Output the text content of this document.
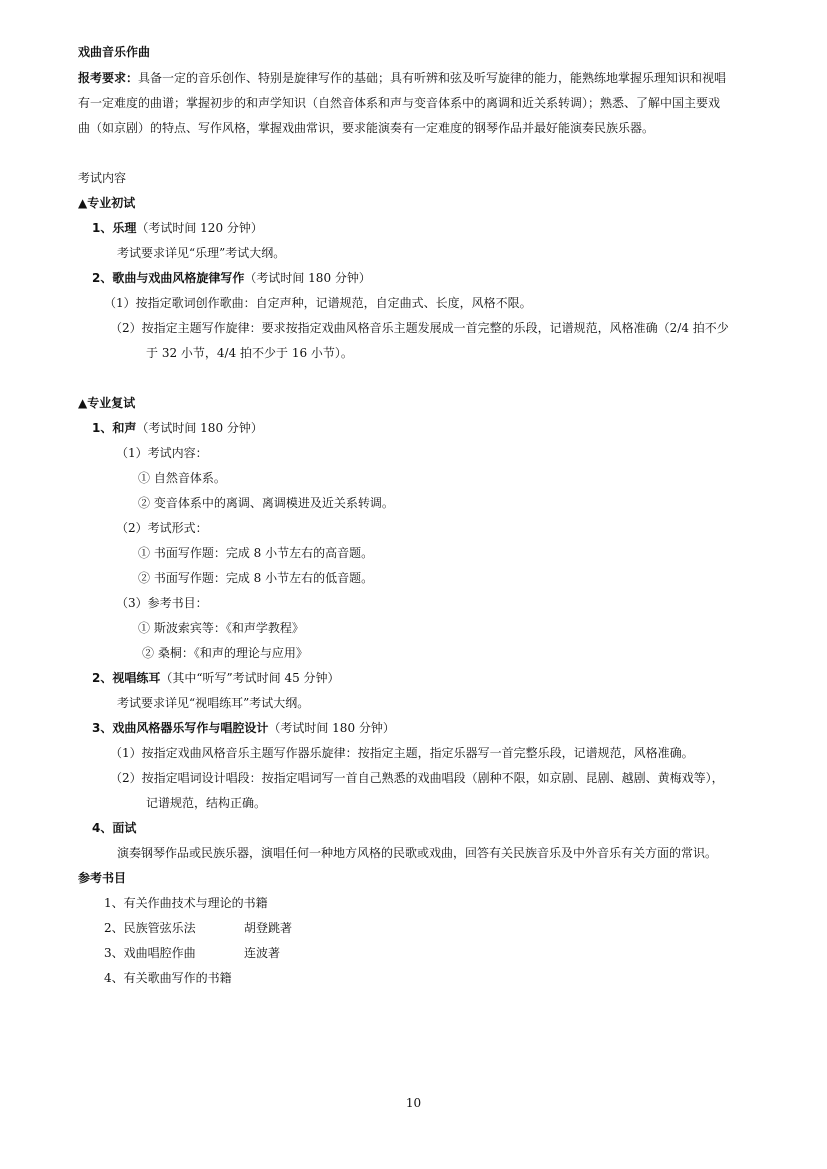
戏曲音乐作曲
报考要求：具备一定的音乐创作、特别是旋律写作的基础；具有听辨和弦及听写旋律的能力，能熟练地掌握乐理知识和视唱
有一定难度的曲谱；掌握初步的和声学知识（自然音体系和声与变音体系中的离调和近关系转调）；熟悉、了解中国主要戏
曲（如京剧）的特点、写作风格，掌握戏曲常识，要求能演奏有一定难度的钢琴作品并最好能演奏民族乐器。
考试内容
▲专业初试
1、乐理（考试时间 120 分钟）
考试要求详见“乐理”考试大纲。
2、歌曲与戏曲风格旋律写作（考试时间 180 分钟）
（1）按指定歌词创作歌曲：自定声种，记谱规范，自定曲式、长度，风格不限。
（2）按指定主题写作旋律：要求按指定戏曲风格音乐主题发展成一首完整的乐段，记谱规范，风格准确（2/4 拍不少
于 32 小节，4/4 拍不少于 16 小节）。
▲专业复试
1、和声（考试时间 180 分钟）
（1）考试内容：
① 自然音体系。
② 变音体系中的离调、离调模进及近关系转调。
（2）考试形式：
① 书面写作题：完成 8 小节左右的高音题。
② 书面写作题：完成 8 小节左右的低音题。
（3）参考书目：
① 斯波索宾等：《和声学教程》
② 桑桐：《和声的理论与应用》
2、视唱练耳（其中“听写”考试时间 45 分钟）
考试要求详见“视唱练耳”考试大纲。
3、戏曲风格器乐写作与唱腔设计（考试时间 180 分钟）
（1）按指定戏曲风格音乐主题写作器乐旋律：按指定主题，指定乐器写一首完整乐段，记谱规范，风格准确。
（2）按指定唱词设计唱段：按指定唱词写一首自己熟悉的戏曲唱段（剧种不限，如京剧、昆剧、越剧、黄梅戏等），
记谱规范，结构正确。
4、面试
演奏钢琴作品或民族乐器，演唱任何一种地方风格的民歌或戏曲，回答有关民族音乐及中外音乐有关方面的常识。
参考书目
1、有关作曲技术与理论的书籍
2、民族管弦乐法	胡登跳著
3、戏曲唱腔作曲	连波著
4、有关歌曲写作的书籍
10
